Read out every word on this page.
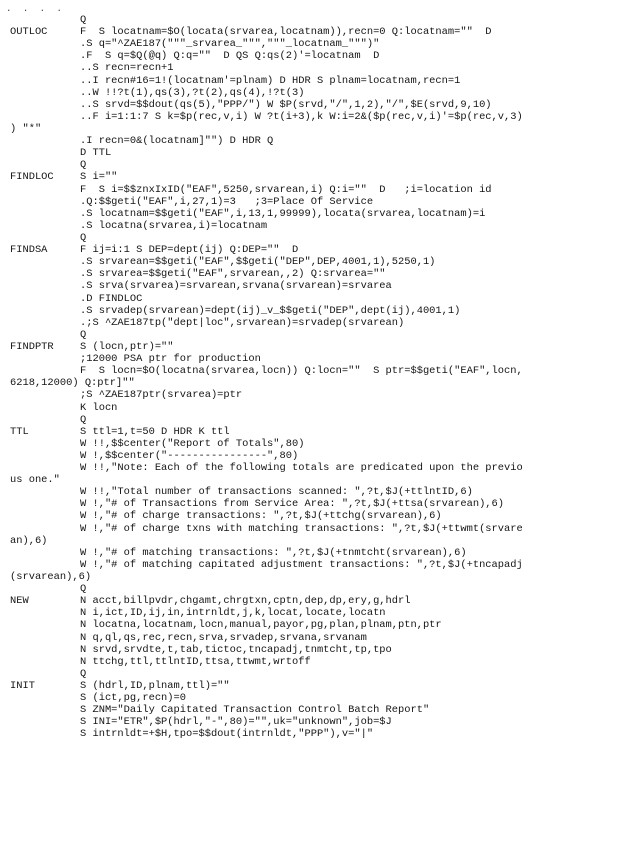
. . . .
Q
OUTLOC	F  S locatnam=$O(locata(srvarea,locatnam)),recn=0 Q:locatnam=""  D
.S q="^ZAE187("""_srvarea_""","""_locatnam_""")"
.F  S q=$Q(@q) Q:q=""  D QS Q:qs(2)'=locatnam  D
..S recn=recn+1
..I recn#16=1!(locatnam'=plnam) D HDR S plnam=locatnam,recn=1
..W !!?t(1),qs(3),?t(2),qs(4),!?t(3)
..S srvd=$$dout(qs(5),"PPP/") W $P(srvd,"/",1,2),"/",$E(srvd,9,10)
..F i=1:1:7 S k=$p(rec,v,i) W ?t(i+3),k W:i=2&($p(rec,v,i)'=$p(rec,v,3)
) "*"
.I recn=0&(locatnam]"") D HDR Q
D TTL
Q
FINDLOC	S i=""
F  S i=$$znxIxID("EAF",5250,srvarean,i) Q:i=""  D   ;i=location id
.Q:$$geti("EAF",i,27,1)=3   ;3=Place Of Service
.S locatnam=$$geti("EAF",i,13,1,99999),locata(srvarea,locatnam)=i
.S locatna(srvarea,i)=locatnam
Q
FINDSA	F ij=i:1 S DEP=dept(ij) Q:DEP=""  D
.S srvarean=$$geti("EAF",$$geti("DEP",DEP,4001,1),5250,1)
.S srvarea=$$geti("EAF",srvarean,,2) Q:srvarea=""
.S srva(srvarea)=srvarean,srvana(srvarean)=srvarea
.D FINDLOC
.S srvadep(srvarean)=dept(ij)_v_$$geti("DEP",dept(ij),4001,1)
.;S ^ZAE187tp("dept|loc",srvarean)=srvadep(srvarean)
Q
FINDPTR	S (locn,ptr)=""
;12000 PSA ptr for production
F  S locn=$O(locatna(srvarea,locn)) Q:locn=""  S ptr=$$geti("EAF",locn,
6218,12000) Q:ptr]""
;S ^ZAE187ptr(srvarea)=ptr
K locn
Q
TTL	S ttl=1,t=50 D HDR K ttl
W !!,$$center("Report of Totals",80)
W !,$$center("----------------",80)
W !!,"Note: Each of the following totals are predicated upon the previo
us one."
W !!,"Total number of transactions scanned: ",?t,$J(+ttlntID,6)
W !,"# of Transactions from Service Area: ",?t,$J(+ttsa(srvarean),6)
W !,"# of charge transactions: ",?t,$J(+ttchg(srvarean),6)
W !,"# of charge txns with matching transactions: ",?t,$J(+ttwmt(srvare
an),6)
W !,"# of matching transactions: ",?t,$J(+tnmtcht(srvarean),6)
W !,"# of matching capitated adjustment transactions: ",?t,$J(+tncapadj
(srvarean),6)
Q
NEW	N acct,billpvdr,chgamt,chrgtxn,cptn,dep,dp,ery,g,hdrl
N i,ict,ID,ij,in,intrnldt,j,k,locat,locate,locatn
N locatna,locatnam,locn,manual,payor,pg,plan,plnam,ptn,ptr
N q,ql,qs,rec,recn,srva,srvadep,srvana,srvanam
N srvd,srvdte,t,tab,tictoc,tncapadj,tnmtcht,tp,tpo
N ttchg,ttl,ttlntID,ttsa,ttwmt,wrtoff
Q
INIT	S (hdrl,ID,plnam,ttl)=""
S (ict,pg,recn)=0
S ZNM="Daily Capitated Transaction Control Batch Report"
S INI="ETR",$P(hdrl,"-",80)="",uk="unknown",job=$J
S intrnldt=+$H,tpo=$$dout(intrnldt,"PPP"),v="|"
